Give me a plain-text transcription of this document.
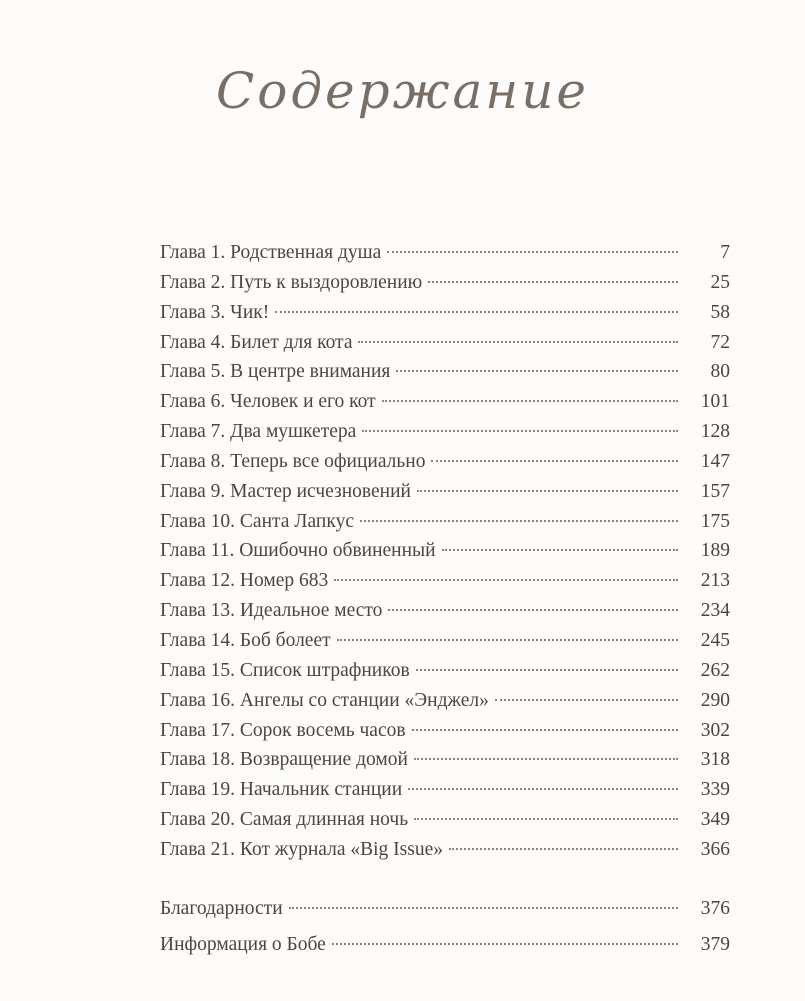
Содержание
Глава 1. Родственная душа	7
Глава 2. Путь к выздоровлению	25
Глава 3. Чик!	58
Глава 4. Билет для кота	72
Глава 5. В центре внимания	80
Глава 6. Человек и его кот	101
Глава 7. Два мушкетера	128
Глава 8. Теперь все официально	147
Глава 9. Мастер исчезновений	157
Глава 10. Санта Лапкус	175
Глава 11. Ошибочно обвиненный	189
Глава 12. Номер 683	213
Глава 13. Идеальное место	234
Глава 14. Боб болеет	245
Глава 15. Список штрафников	262
Глава 16. Ангелы со станции «Энджел»	290
Глава 17. Сорок восемь часов	302
Глава 18. Возвращение домой	318
Глава 19. Начальник станции	339
Глава 20. Самая длинная ночь	349
Глава 21. Кот журнала «Big Issue»	366
Благодарности	376
Информация о Бобе	379
